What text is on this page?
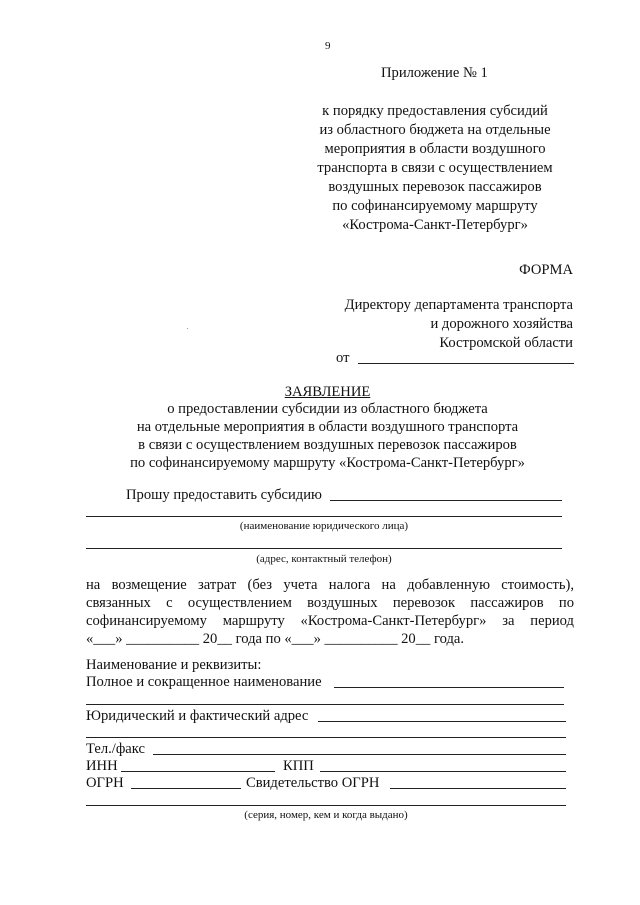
9
Приложение № 1
к порядку предоставления субсидий
из областного бюджета на отдельные
мероприятия в области воздушного
транспорта в связи с осуществлением
воздушных перевозок пассажиров
по софинансируемому маршруту
«Кострома-Санкт-Петербург»
ФОРМА
Директору департамента транспорта
и дорожного хозяйства
Костромской области
от
ЗАЯВЛЕНИЕ
о предоставлении субсидии из областного бюджета
на отдельные мероприятия в области воздушного транспорта
в связи с осуществлением воздушных перевозок пассажиров
по софинансируемому маршруту «Кострома-Санкт-Петербург»
Прошу предоставить субсидию
(наименование юридического лица)
(адрес, контактный телефон)
на возмещение затрат (без учета налога на добавленную стоимость),
связанных с осуществлением воздушных перевозок пассажиров по
софинансируемому маршруту «Кострома-Санкт-Петербург» за период
«___» __________ 20__ года по «___» __________ 20__ года.
Наименование и реквизиты:
Полное и сокращенное наименование
Юридический и фактический адрес
Тел./факс
ИНН	КПП
ОГРН	Свидетельство ОГРН
(серия, номер, кем и когда выдано)
